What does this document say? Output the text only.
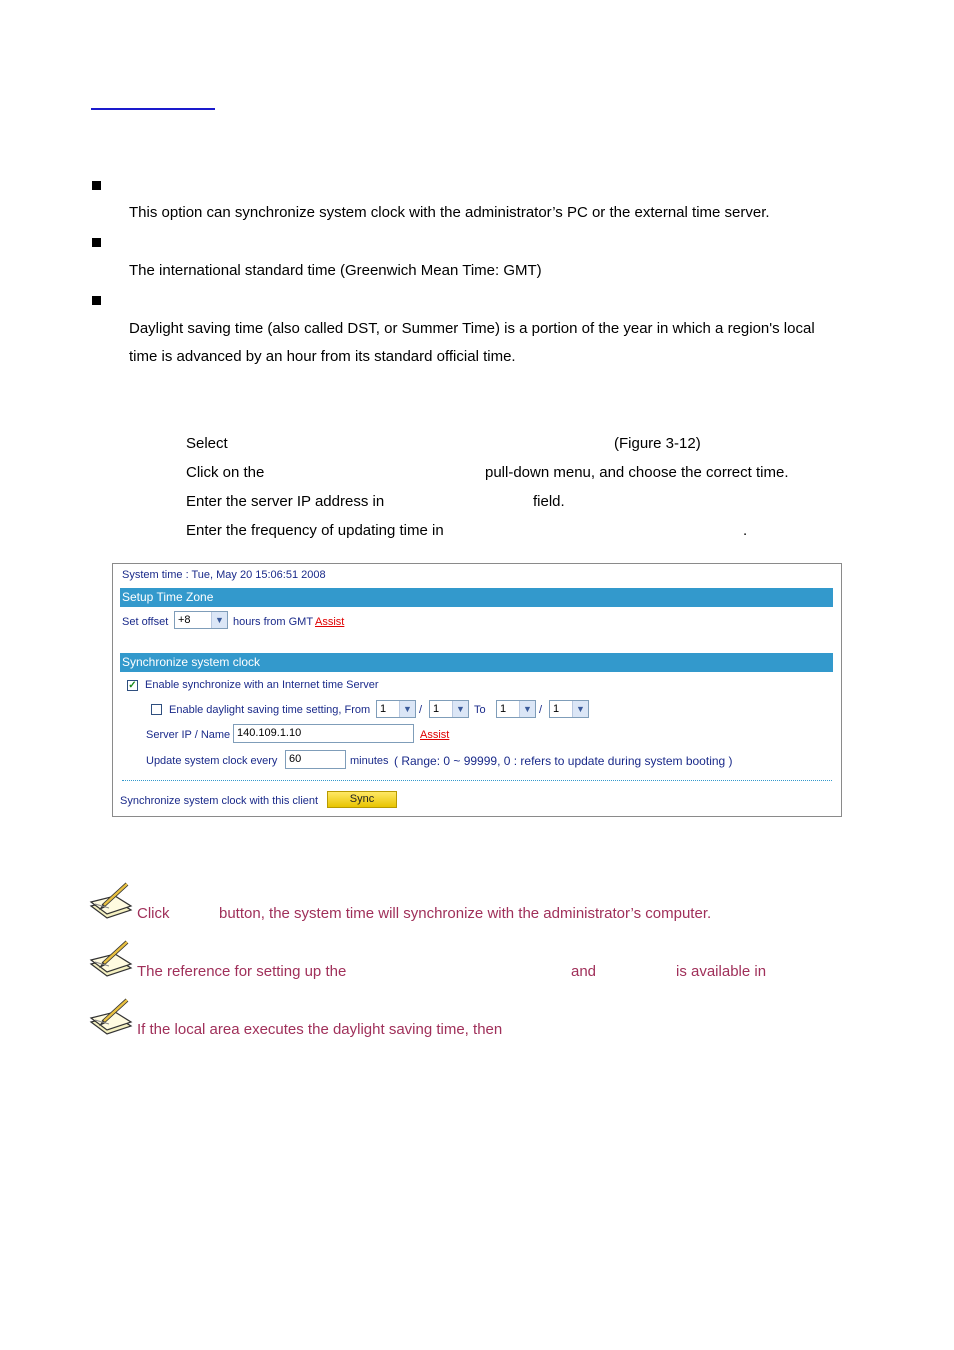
This option can synchronize system clock with the administrator’s PC or the external time server.
The international standard time (Greenwich Mean Time: GMT)
Daylight saving time (also called DST, or Summer Time) is a portion of the year in which a region's local
time is advanced by an hour from its standard official time.
Select	(Figure 3-12)
Click on the	pull-down menu, and choose the correct time.
Enter the server IP address in	field.
Enter the frequency of updating time in	.
System time : Tue, May 20 15:06:51 2008
Setup Time Zone
Set offset +8	▼ hours from GMT Assist
Synchronize system clock
✓ Enable synchronize with an Internet time Server
Enable daylight saving time setting, From 1	▼ / 1	▼ To	1	▼ / 1	▼
Server IP / Name 140.109.1.10	Assist
Update system clock every	60	minutes ( Range: 0 ~ 99999, 0 : refers to update during system booting )
Synchronize system clock with this client	Sync
Click	button, the system time will synchronize with the administrator’s computer.
The reference for setting up the	and	is available in
If the local area executes the daylight saving time, then
